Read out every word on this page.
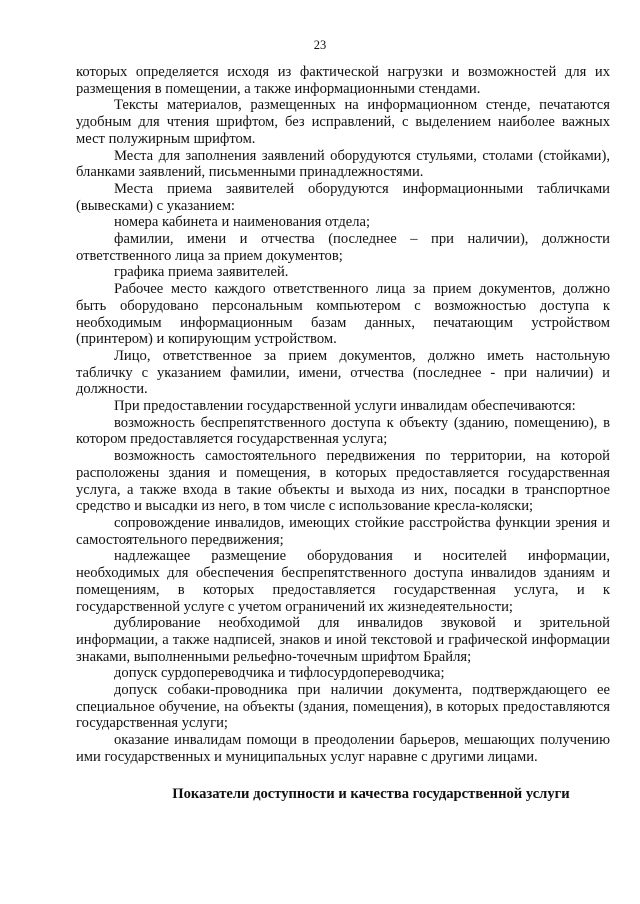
23

которых определяется исходя из фактической нагрузки и возможностей для их размещения в помещении, а также информационными стендами.

Тексты материалов, размещенных на информационном стенде, печатаются удобным для чтения шрифтом, без исправлений, с выделением наиболее важных мест полужирным шрифтом.

Места для заполнения заявлений оборудуются стульями, столами (стойками), бланками заявлений, письменными принадлежностями.

Места приема заявителей оборудуются информационными табличками (вывесками) с указанием:

номера кабинета и наименования отдела;

фамилии, имени и отчества (последнее – при наличии), должности ответственного лица за прием документов;

графика приема заявителей.

Рабочее место каждого ответственного лица за прием документов, должно быть оборудовано персональным компьютером с возможностью доступа к необходимым информационным базам данных, печатающим устройством (принтером) и копирующим устройством.

Лицо, ответственное за прием документов, должно иметь настольную табличку с указанием фамилии, имени, отчества (последнее - при наличии) и должности.

При предоставлении государственной услуги инвалидам обеспечиваются:

возможность беспрепятственного доступа к объекту (зданию, помещению), в котором предоставляется государственная услуга;

возможность самостоятельного передвижения по территории, на которой расположены здания и помещения, в которых предоставляется государственная услуга, а также входа в такие объекты и выхода из них, посадки в транспортное средство и высадки из него, в том числе с использование кресла-коляски;

сопровождение инвалидов, имеющих стойкие расстройства функции зрения и самостоятельного передвижения;

надлежащее размещение оборудования и носителей информации, необходимых для обеспечения беспрепятственного доступа инвалидов зданиям и помещениям, в которых предоставляется государственная услуга, и к государственной услуге с учетом ограничений их жизнедеятельности;

дублирование необходимой для инвалидов звуковой и зрительной информации, а также надписей, знаков и иной текстовой и графической информации знаками, выполненными рельефно-точечным шрифтом Брайля;

допуск сурдопереводчика и тифлосурдопереводчика;

допуск собаки-проводника при наличии документа, подтверждающего ее специальное обучение, на объекты (здания, помещения), в которых предоставляются государственная услуги;

оказание инвалидам помощи в преодолении барьеров, мешающих получению ими государственных и муниципальных услуг наравне с другими лицами.

Показатели доступности и качества государственной услуги
